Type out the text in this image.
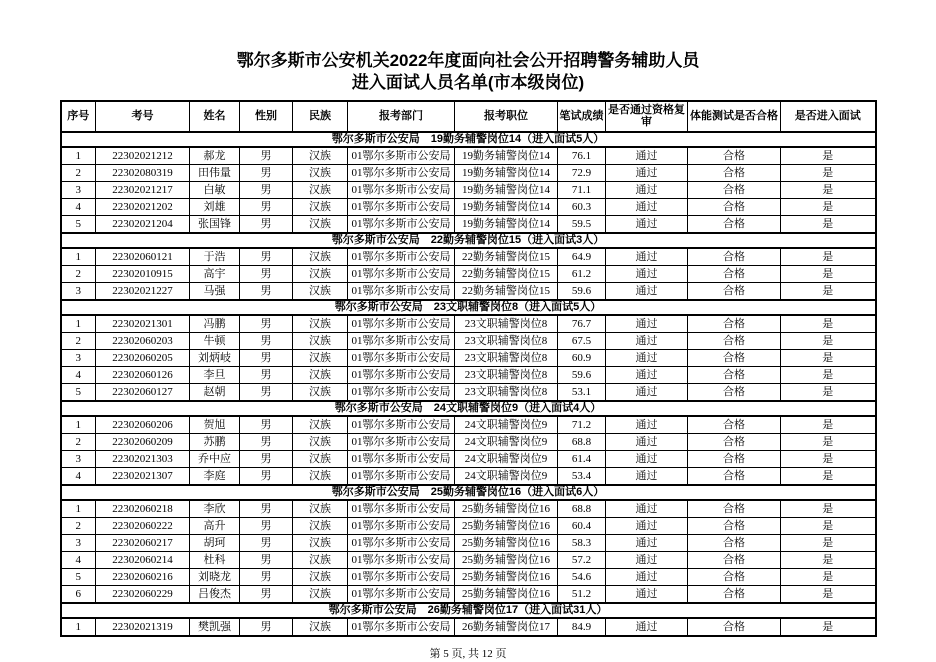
鄂尔多斯市公安机关2022年度面向社会公开招聘警务辅助人员
进入面试人员名单(市本级岗位)
序号	考号	姓名	性别	民族	报考部门	报考职位	笔试成绩	是否通过资格复审	体能测试是否合格	是否进入面试
鄂尔多斯市公安局　19勤务辅警岗位14（进入面试5人）										
1	22302021212	郝龙	男	汉族	01鄂尔多斯市公安局	19勤务辅警岗位14	76.1	通过	合格	是
2	22302080319	田伟量	男	汉族	01鄂尔多斯市公安局	19勤务辅警岗位14	72.9	通过	合格	是
3	22302021217	白敏	男	汉族	01鄂尔多斯市公安局	19勤务辅警岗位14	71.1	通过	合格	是
4	22302021202	刘雄	男	汉族	01鄂尔多斯市公安局	19勤务辅警岗位14	60.3	通过	合格	是
5	22302021204	张国锋	男	汉族	01鄂尔多斯市公安局	19勤务辅警岗位14	59.5	通过	合格	是
鄂尔多斯市公安局　22勤务辅警岗位15（进入面试3人）										
1	22302060121	于浩	男	汉族	01鄂尔多斯市公安局	22勤务辅警岗位15	64.9	通过	合格	是
2	22302010915	高宇	男	汉族	01鄂尔多斯市公安局	22勤务辅警岗位15	61.2	通过	合格	是
3	22302021227	马强	男	汉族	01鄂尔多斯市公安局	22勤务辅警岗位15	59.6	通过	合格	是
鄂尔多斯市公安局　23文职辅警岗位8（进入面试5人）										
1	22302021301	冯鹏	男	汉族	01鄂尔多斯市公安局	23文职辅警岗位8	76.7	通过	合格	是
2	22302060203	牛顿	男	汉族	01鄂尔多斯市公安局	23文职辅警岗位8	67.5	通过	合格	是
3	22302060205	刘炳岐	男	汉族	01鄂尔多斯市公安局	23文职辅警岗位8	60.9	通过	合格	是
4	22302060126	李旦	男	汉族	01鄂尔多斯市公安局	23文职辅警岗位8	59.6	通过	合格	是
5	22302060127	赵朝	男	汉族	01鄂尔多斯市公安局	23文职辅警岗位8	53.1	通过	合格	是
鄂尔多斯市公安局　24文职辅警岗位9（进入面试4人）										
1	22302060206	贺旭	男	汉族	01鄂尔多斯市公安局	24文职辅警岗位9	71.2	通过	合格	是
2	22302060209	苏鹏	男	汉族	01鄂尔多斯市公安局	24文职辅警岗位9	68.8	通过	合格	是
3	22302021303	乔中应	男	汉族	01鄂尔多斯市公安局	24文职辅警岗位9	61.4	通过	合格	是
4	22302021307	李庭	男	汉族	01鄂尔多斯市公安局	24文职辅警岗位9	53.4	通过	合格	是
鄂尔多斯市公安局　25勤务辅警岗位16（进入面试6人）										
1	22302060218	李欣	男	汉族	01鄂尔多斯市公安局	25勤务辅警岗位16	68.8	通过	合格	是
2	22302060222	高升	男	汉族	01鄂尔多斯市公安局	25勤务辅警岗位16	60.4	通过	合格	是
3	22302060217	胡珂	男	汉族	01鄂尔多斯市公安局	25勤务辅警岗位16	58.3	通过	合格	是
4	22302060214	杜科	男	汉族	01鄂尔多斯市公安局	25勤务辅警岗位16	57.2	通过	合格	是
5	22302060216	刘晓龙	男	汉族	01鄂尔多斯市公安局	25勤务辅警岗位16	54.6	通过	合格	是
6	22302060229	吕俊杰	男	汉族	01鄂尔多斯市公安局	25勤务辅警岗位16	51.2	通过	合格	是
鄂尔多斯市公安局　26勤务辅警岗位17（进入面试31人）										
1	22302021319	樊凯强	男	汉族	01鄂尔多斯市公安局	26勤务辅警岗位17	84.9	通过	合格	是
第 5 页, 共 12 页
